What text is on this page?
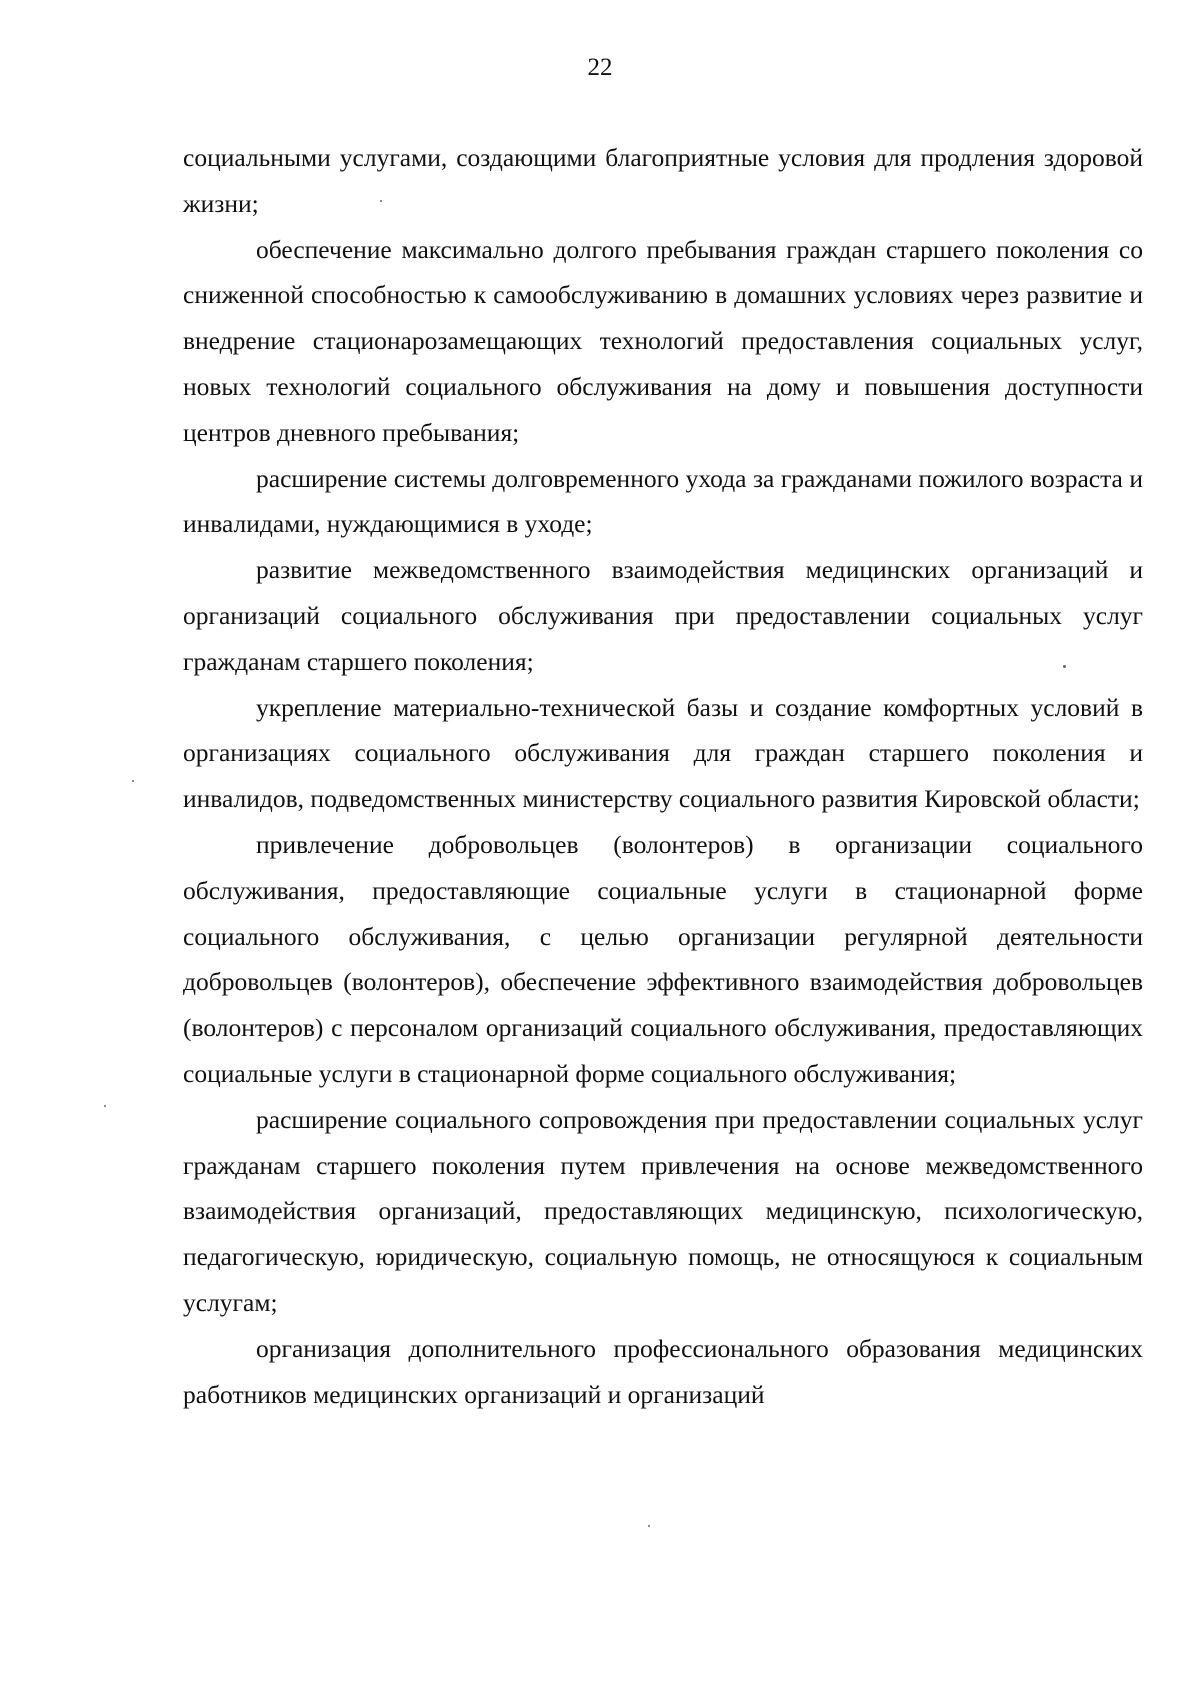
22

социальными услугами, создающими благоприятные условия для продления здоровой жизни;

обеспечение максимально долгого пребывания граждан старшего поколения со сниженной способностью к самообслуживанию в домашних условиях через развитие и внедрение стационарозамещающих технологий предоставления социальных услуг, новых технологий социального обслуживания на дому и повышения доступности центров дневного пребывания;

расширение системы долговременного ухода за гражданами пожилого возраста и инвалидами, нуждающимися в уходе;

развитие межведомственного взаимодействия медицинских организаций и организаций социального обслуживания при предоставлении социальных услуг гражданам старшего поколения;

укрепление материально-технической базы и создание комфортных условий в организациях социального обслуживания для граждан старшего поколения и инвалидов, подведомственных министерству социального развития Кировской области;

привлечение добровольцев (волонтеров) в организации социального обслуживания, предоставляющие социальные услуги в стационарной форме социального обслуживания, с целью организации регулярной деятельности добровольцев (волонтеров), обеспечение эффективного взаимодействия добровольцев (волонтеров) с персоналом организаций социального обслуживания, предоставляющих социальные услуги в стационарной форме социального обслуживания;

расширение социального сопровождения при предоставлении социальных услуг гражданам старшего поколения путем привлечения на основе межведомственного взаимодействия организаций, предоставляющих медицинскую, психологическую, педагогическую, юридическую, социальную помощь, не относящуюся к социальным услугам;

организация дополнительного профессионального образования медицинских работников медицинских организаций и организаций
